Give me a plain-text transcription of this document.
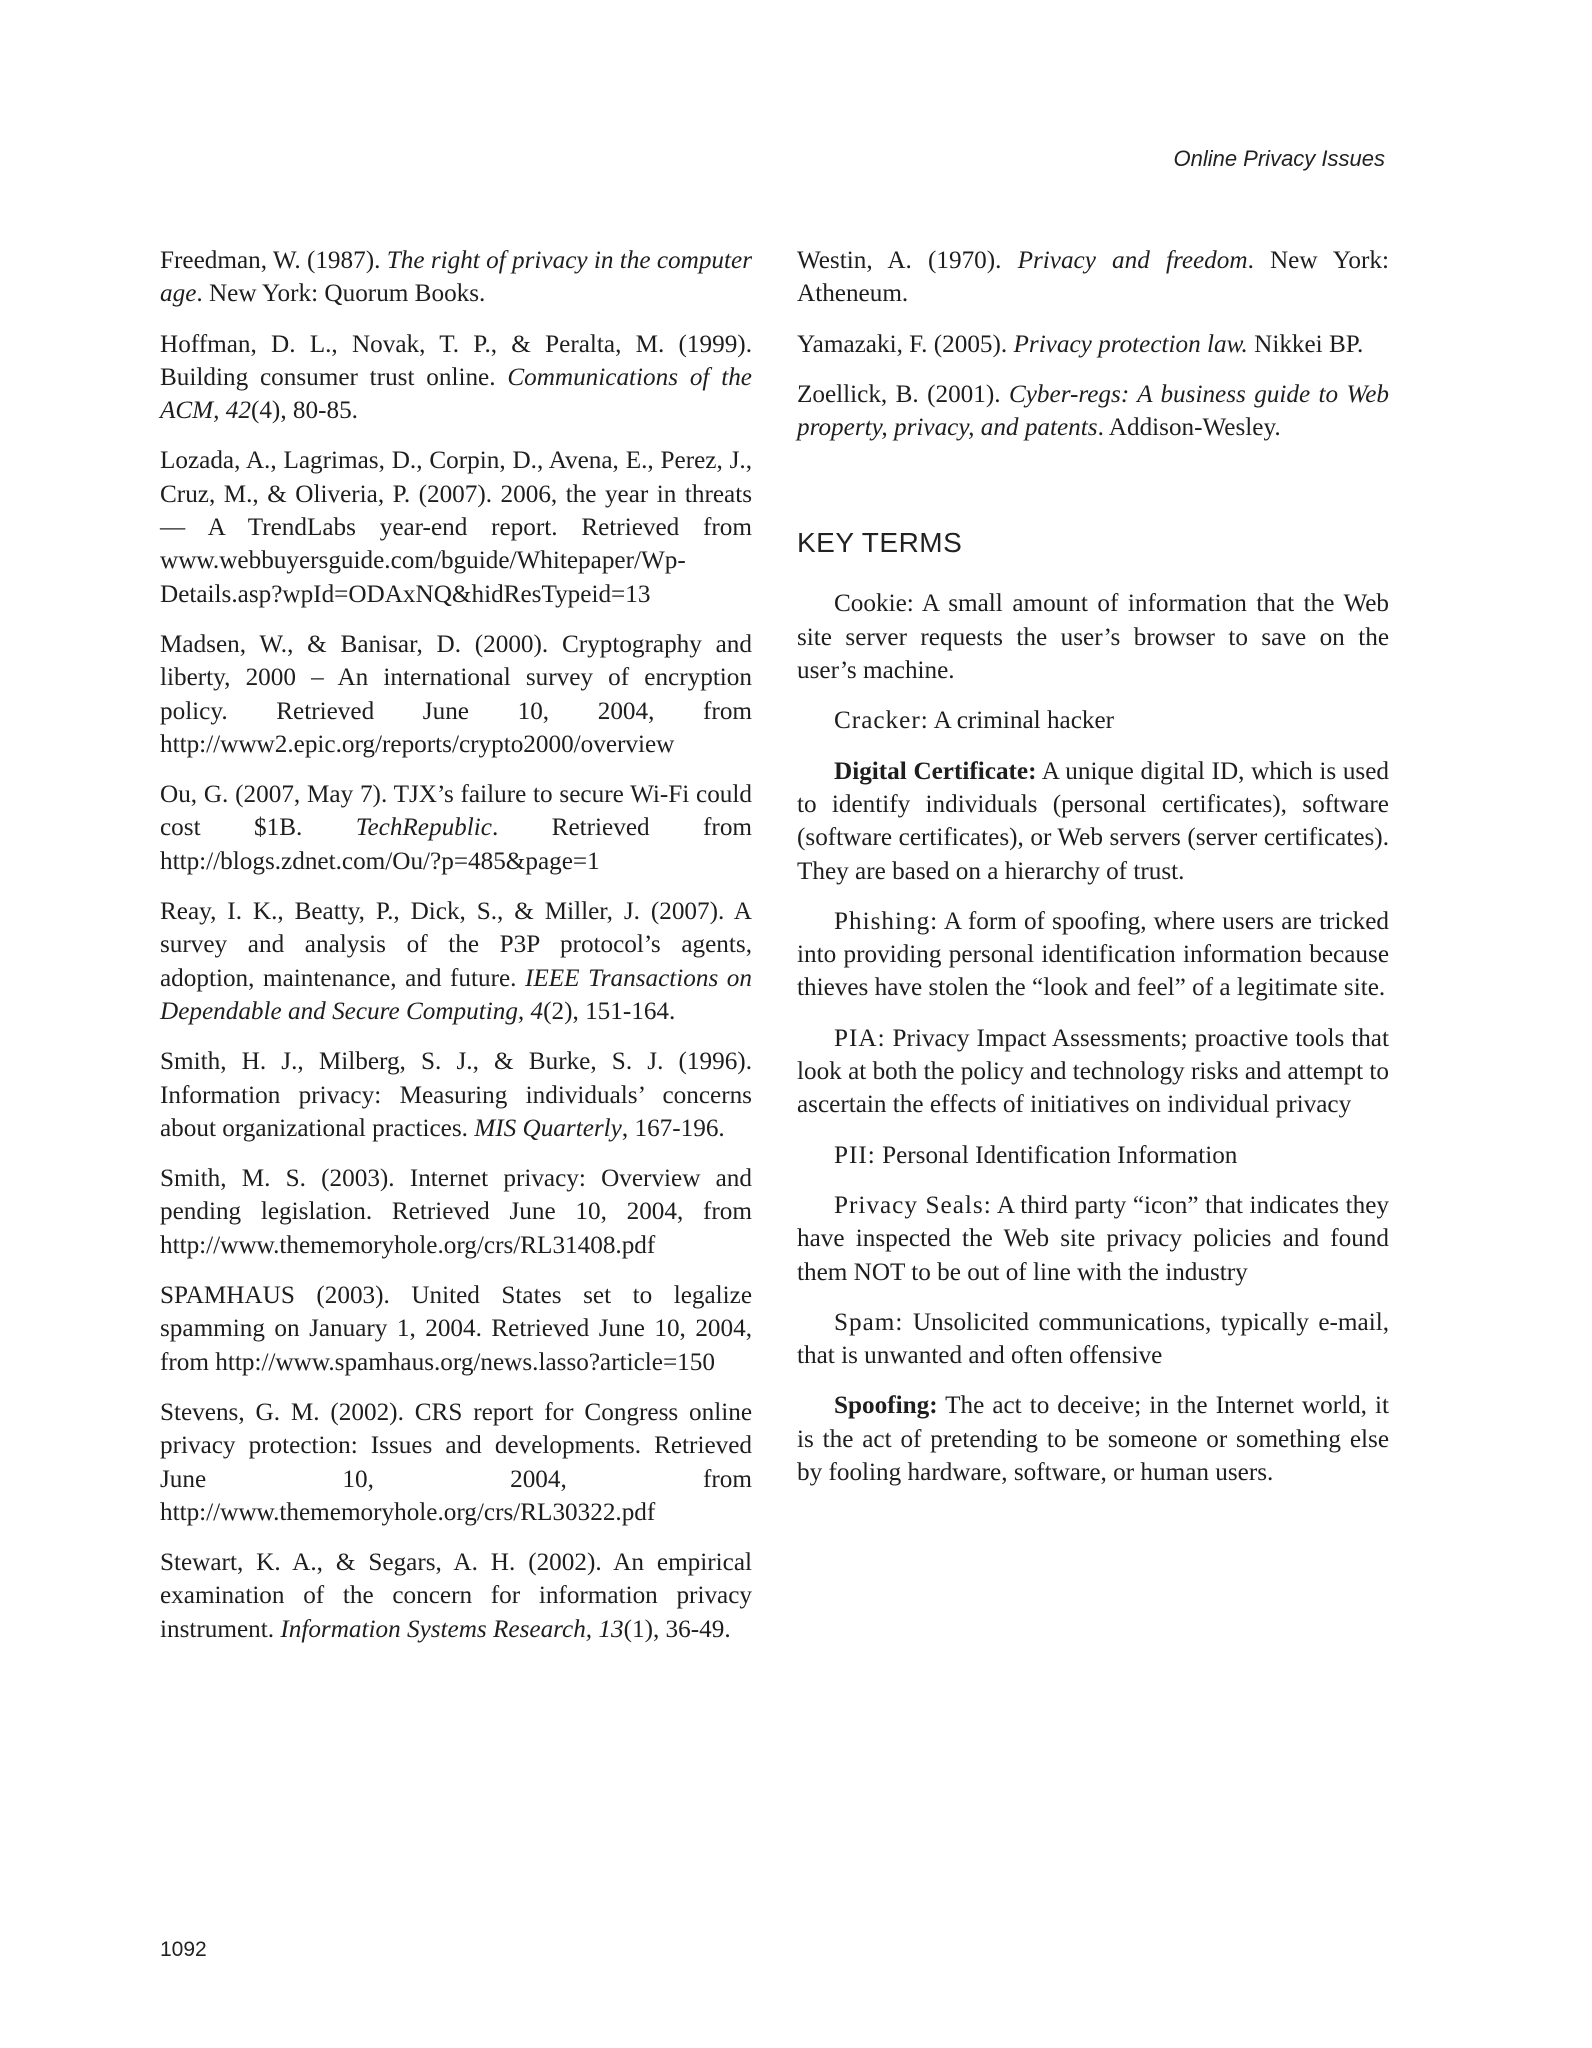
Online Privacy Issues

Freedman, W. (1987). The right of privacy in the computer age. New York: Quorum Books.

Hoffman, D. L., Novak, T. P., & Peralta, M. (1999). Building consumer trust online. Communications of the ACM, 42(4), 80-85.

Lozada, A., Lagrimas, D., Corpin, D., Avena, E., Perez, J., Cruz, M., & Oliveria, P. (2007). 2006, the year in threats — A TrendLabs year-end report. Retrieved from www.webbuyersguide.com/bguide/Whitepaper/Wp-Details.asp?wpId=ODAxNQ&hidResTypeid=13

Madsen, W., & Banisar, D. (2000). Cryptography and liberty, 2000 – An international survey of encryption policy. Retrieved June 10, 2004, from http://www2.epic.org/reports/crypto2000/overview

Ou, G. (2007, May 7). TJX’s failure to secure Wi-Fi could cost $1B. TechRepublic. Retrieved from http://blogs.zdnet.com/Ou/?p=485&page=1

Reay, I. K., Beatty, P., Dick, S., & Miller, J. (2007). A survey and analysis of the P3P protocol’s agents, adoption, maintenance, and future. IEEE Transactions on Dependable and Secure Computing, 4(2), 151-164.

Smith, H. J., Milberg, S. J., & Burke, S. J. (1996). Information privacy: Measuring individuals’ concerns about organizational practices. MIS Quarterly, 167-196.

Smith, M. S. (2003). Internet privacy: Overview and pending legislation. Retrieved June 10, 2004, from http://www.thememoryhole.org/crs/RL31408.pdf

SPAMHAUS (2003). United States set to legalize spamming on January 1, 2004. Retrieved June 10, 2004, from http://www.spamhaus.org/news.lasso?article=150

Stevens, G. M. (2002). CRS report for Congress online privacy protection: Issues and developments. Retrieved June 10, 2004, from http://www.thememoryhole.org/crs/RL30322.pdf

Stewart, K. A., & Segars, A. H. (2002). An empirical examination of the concern for information privacy instrument. Information Systems Research, 13(1), 36-49.

Westin, A. (1970). Privacy and freedom. New York: Atheneum.

Yamazaki, F. (2005). Privacy protection law. Nikkei BP.

Zoellick, B. (2001). Cyber-regs: A business guide to Web property, privacy, and patents. Addison-Wesley.

KEY TERMS

Cookie: A small amount of information that the Web site server requests the user’s browser to save on the user’s machine.

Cracker: A criminal hacker

Digital Certificate: A unique digital ID, which is used to identify individuals (personal certificates), software (software certificates), or Web servers (server certificates). They are based on a hierarchy of trust.

Phishing: A form of spoofing, where users are tricked into providing personal identification information because thieves have stolen the “look and feel” of a legitimate site.

PIA: Privacy Impact Assessments; proactive tools that look at both the policy and technology risks and attempt to ascertain the effects of initiatives on individual privacy

PII: Personal Identification Information

Privacy Seals: A third party “icon” that indicates they have inspected the Web site privacy policies and found them NOT to be out of line with the industry

Spam: Unsolicited communications, typically e-mail, that is unwanted and often offensive

Spoofing: The act to deceive; in the Internet world, it is the act of pretending to be someone or something else by fooling hardware, software, or human users.

1092
